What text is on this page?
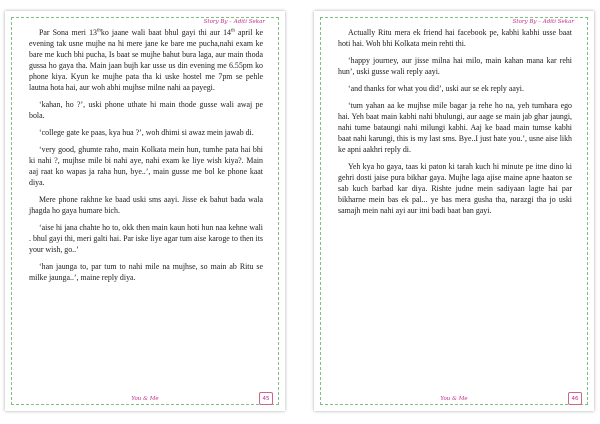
Story By – Aditi Sekar

Par Sona meri 13thko jaane wali baat bhul gayi thi aur 14th april ke evening tak usne mujhe na hi mere jane ke bare me pucha,nahi exam ke bare me kuch bhi pucha, Is baat se mujhe bahut bura laga, aur main thoda gussa ho gaya tha. Main jaan bujh kar usse us din evening me 6.55pm ko phone kiya. Kyun ke mujhe pata tha ki uske hostel me 7pm se pehle lautna hota hai, aur woh abhi mujhse milne nahi aa payegi.

‘kahan, ho ?’, uski phone uthate hi main thode gusse wali awaj pe bola.

‘college gate ke paas, kya hua ?’, woh dhimi si awaz mein jawab di.

‘very good, ghumte raho, main Kolkata mein hun, tumhe pata hai bhi ki nahi ?, mujhse mile bi nahi aye, nahi exam ke liye wish kiya?. Main aaj raat ko wapas ja raha hun, bye..’, main gusse me bol ke phone kaat diya.

Mere phone rakhne ke baad uski sms aayi. Jisse ek bahut bada wala jhagda ho gaya humare bich.

‘aise hi jana chahte ho to, okk then main kaun hoti hun naa kehne wali . bhul gayi thi, meri galti hai. Par iske liye agar tum aise karoge to then its your wish, go..’

‘han jaunga to, par tum to nahi mile na mujhse, so main ab Ritu se milke jaunga..’, maine reply diya.

You & Me	45
Story By – Aditi Sekar

Actually Ritu mera ek friend hai facebook pe, kabhi kabhi usse baat hoti hai. Woh bhi Kolkata mein rehti thi.

‘happy journey, aur jisse milna hai milo, main kahan mana kar rehi hun’, uski gusse wali reply aayi.

‘and thanks for what you did’, uski aur se ek reply aayi.

‘tum yahan aa ke mujhse mile bagar ja rehe ho na, yeh tumhara ego hai. Yeh baat main kabhi nahi bhulungi, aur aage se main jab ghar jaungi, nahi tume bataungi nahi milungi kabhi. Aaj ke baad main tumse kabhi baat nahi karungi, this is my last sms. Bye..I just hate you.’, usne aise likh ke apni aakhri reply di.

Yeh kya ho gaya, taas ki paton ki tarah kuch hi minute pe itne dino ki gehri dosti jaise pura bikhar gaya. Mujhe laga ajise maine apne haaton se sab kuch barbad kar diya. Rishte judne mein sadiyaan lagte hai par bikharne mein bas ek pal... ye bas mera gusha tha, narazgi tha jo uski samajh mein nahi ayi aur itni badi baat ban gayi.

You & Me	46
